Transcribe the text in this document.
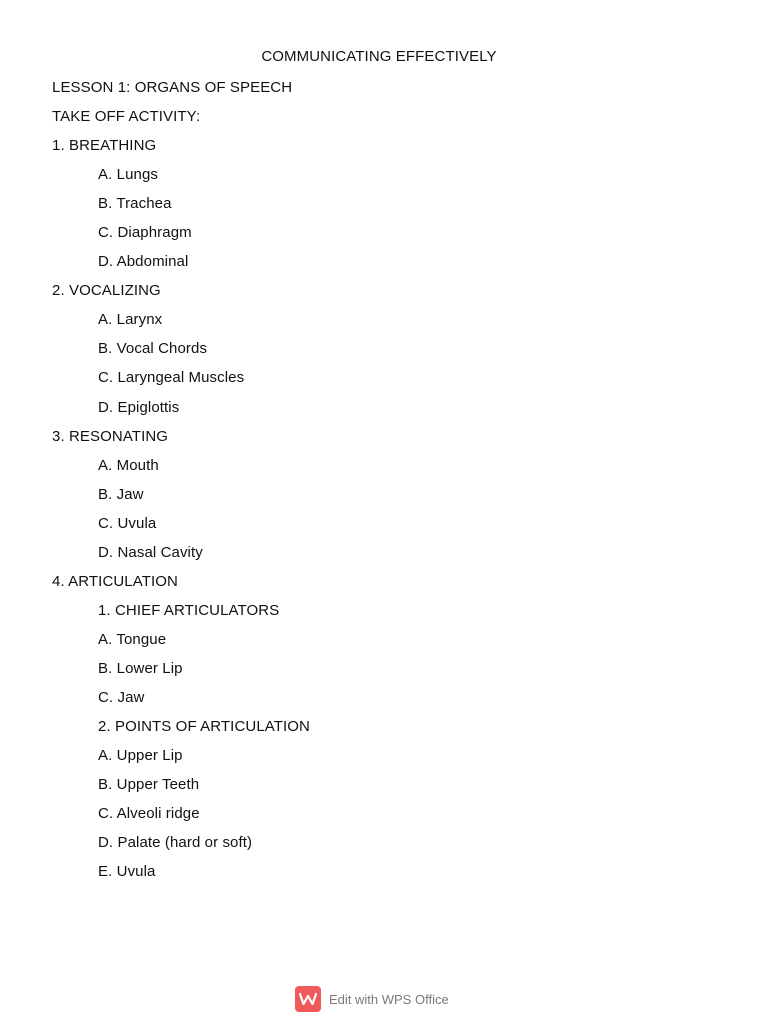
COMMUNICATING EFFECTIVELY
LESSON 1: ORGANS OF SPEECH
TAKE OFF ACTIVITY:
1. BREATHING
A. Lungs
B. Trachea
C. Diaphragm
D. Abdominal
2. VOCALIZING
A. Larynx
B. Vocal Chords
C. Laryngeal Muscles
D. Epiglottis
3. RESONATING
A. Mouth
B. Jaw
C. Uvula
D. Nasal Cavity
4. ARTICULATION
1. CHIEF ARTICULATORS
A. Tongue
B. Lower Lip
C. Jaw
2. POINTS OF ARTICULATION
A. Upper Lip
B. Upper Teeth
C. Alveoli ridge
D. Palate (hard or soft)
E. Uvula
Edit with WPS Office
